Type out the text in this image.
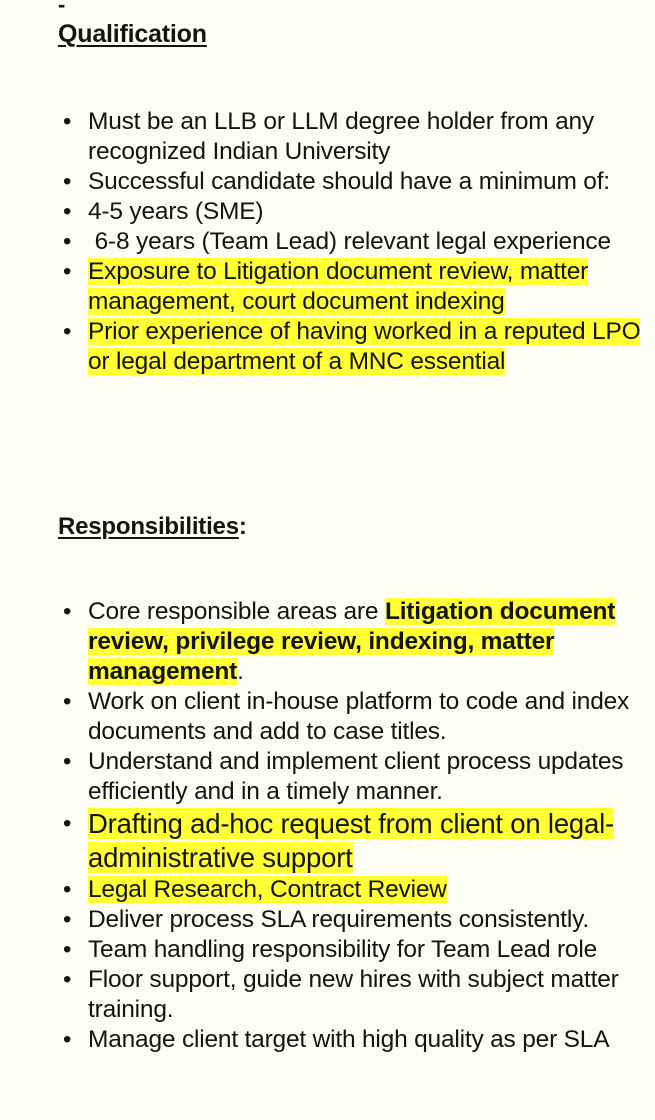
-
Qualification
• Must be an LLB or LLM degree holder from any recognized Indian University
• Successful candidate should have a minimum of:
• 4-5 years (SME)
•  6-8 years (Team Lead) relevant legal experience
• Exposure to Litigation document review, matter management, court document indexing
• Prior experience of having worked in a reputed LPO or legal department of a MNC essential
Responsibilities:
• Core responsible areas are Litigation document review, privilege review, indexing, matter management.
• Work on client in-house platform to code and index documents and add to case titles.
• Understand and implement client process updates efficiently and in a timely manner.
• Drafting ad-hoc request from client on legal-administrative support
• Legal Research, Contract Review
• Deliver process SLA requirements consistently.
• Team handling responsibility for Team Lead role
• Floor support, guide new hires with subject matter training.
• Manage client target with high quality as per SLA
